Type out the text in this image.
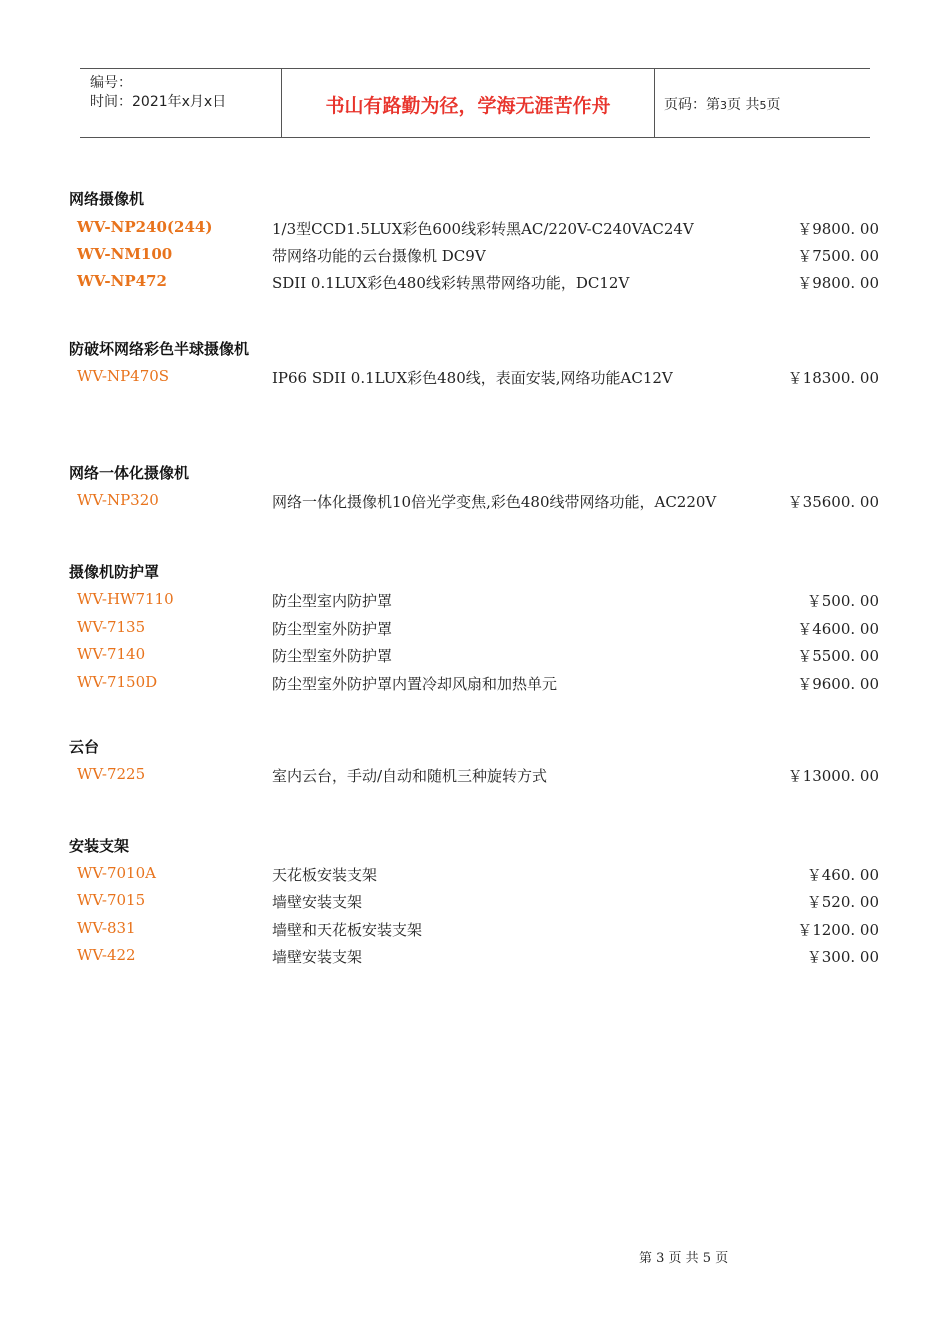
编号：
时间：2021年x月x日	书山有路勤为径，学海无涯苦作舟	页码：第3页 共5页
网络摄像机
WV-NP240(244)	1/3型CCD1.5LUX彩色600线彩转黑AC/220V-C240VAC24V	￥9800. 00
WV-NM100	带网络功能的云台摄像机 DC9V	￥7500. 00
WV-NP472	SDII 0.1LUX彩色480线彩转黑带网络功能，DC12V	￥9800. 00
防破坏网络彩色半球摄像机
WV-NP470S	IP66 SDII 0.1LUX彩色480线，表面安装,网络功能AC12V	￥18300. 00
网络一体化摄像机
WV-NP320	网络一体化摄像机10倍光学变焦,彩色480线带网络功能，AC220V	￥35600. 00
摄像机防护罩
WV-HW7110	防尘型室内防护罩	￥500. 00
WV-7135	防尘型室外防护罩	￥4600. 00
WV-7140	防尘型室外防护罩	￥5500. 00
WV-7150D	防尘型室外防护罩内置冷却风扇和加热单元	￥9600. 00
云台
WV-7225	室内云台，手动/自动和随机三种旋转方式	￥13000. 00
安装支架
WV-7010A	天花板安装支架	￥460. 00
WV-7015	墙壁安装支架	￥520. 00
WV-831	墙壁和天花板安装支架	￥1200. 00
WV-422	墙壁安装支架	￥300. 00
第 3 页 共 5 页
